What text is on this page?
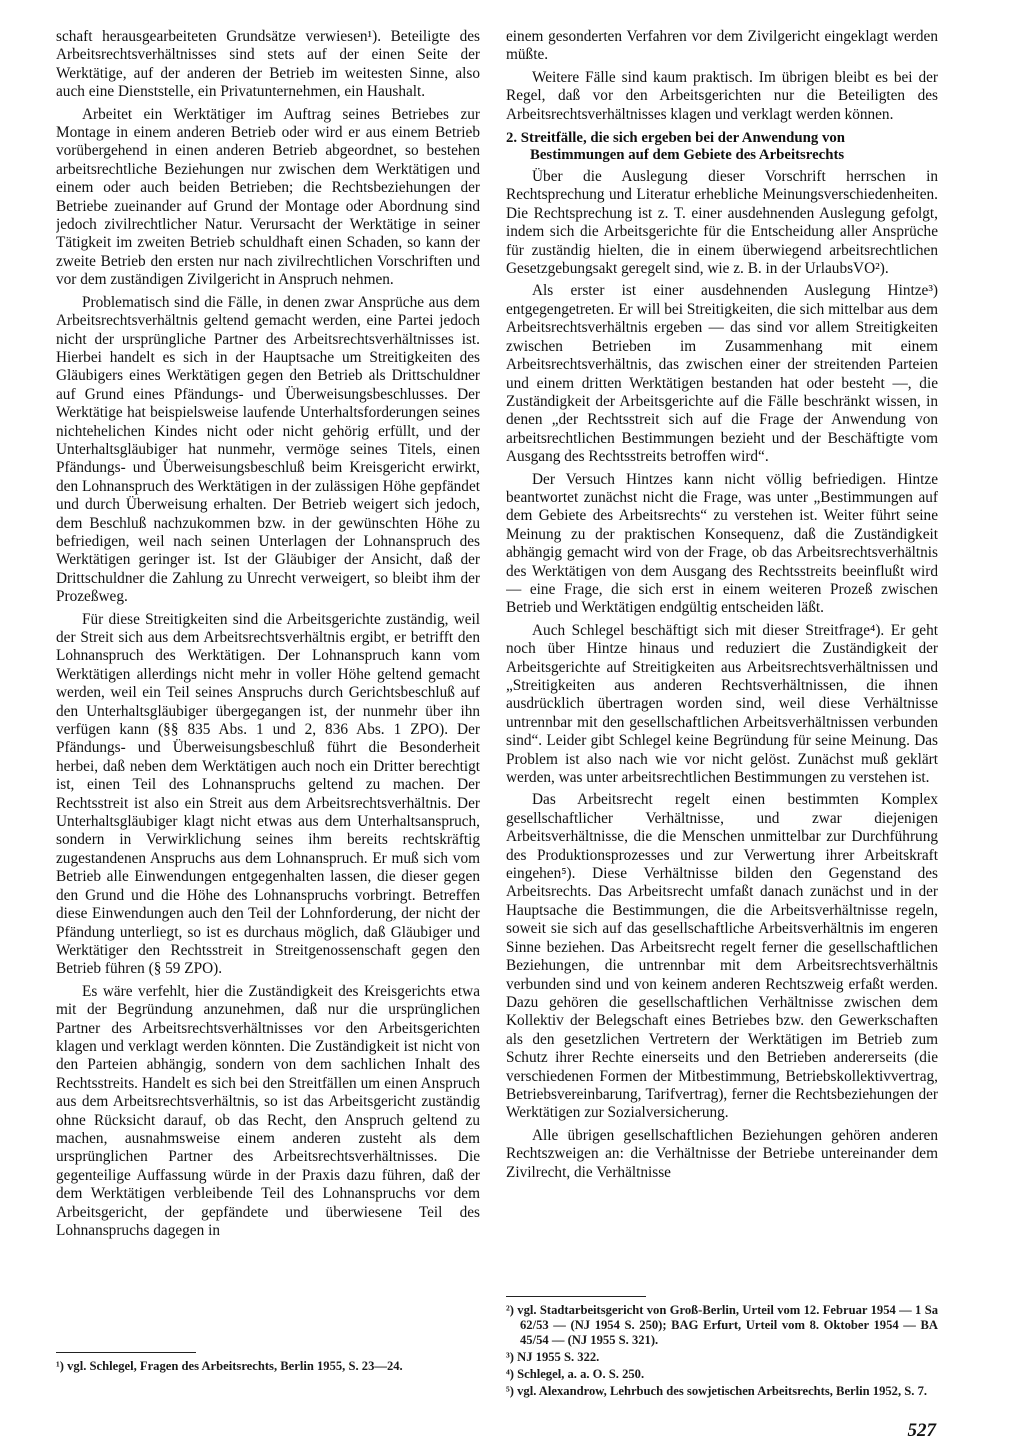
schaft herausgearbeiteten Grundsätze verwiesen¹). Beteiligte des Arbeitsrechtsverhältnisses sind stets auf der einen Seite der Werktätige, auf der anderen der Betrieb im weitesten Sinne, also auch eine Dienststelle, ein Privatunternehmen, ein Haushalt.

Arbeitet ein Werktätiger im Auftrag seines Betriebes zur Montage in einem anderen Betrieb oder wird er aus einem Betrieb vorübergehend in einen anderen Betrieb abgeordnet, so bestehen arbeitsrechtliche Beziehungen nur zwischen dem Werktätigen und einem oder auch beiden Betrieben; die Rechtsbeziehungen der Betriebe zueinander auf Grund der Montage oder Abordnung sind jedoch zivilrechtlicher Natur. Verursacht der Werktätige in seiner Tätigkeit im zweiten Betrieb schuldhaft einen Schaden, so kann der zweite Betrieb den ersten nur nach zivilrechtlichen Vorschriften und vor dem zuständigen Zivilgericht in Anspruch nehmen.

Problematisch sind die Fälle, in denen zwar Ansprüche aus dem Arbeitsrechtsverhältnis geltend gemacht werden, eine Partei jedoch nicht der ursprüngliche Partner des Arbeitsrechtsverhältnisses ist. Hierbei handelt es sich in der Hauptsache um Streitigkeiten des Gläubigers eines Werktätigen gegen den Betrieb als Drittschuldner auf Grund eines Pfändungs- und Überweisungsbeschlusses. Der Werktätige hat beispielsweise laufende Unterhaltsforderungen seines nichtehelichen Kindes nicht oder nicht gehörig erfüllt, und der Unterhaltsgläubiger hat nunmehr, vermöge seines Titels, einen Pfändungs- und Überweisungsbeschluß beim Kreisgericht erwirkt, den Lohnanspruch des Werktätigen in der zulässigen Höhe gepfändet und durch Überweisung erhalten. Der Betrieb weigert sich jedoch, dem Beschluß nachzukommen bzw. in der gewünschten Höhe zu befriedigen, weil nach seinen Unterlagen der Lohnanspruch des Werktätigen geringer ist. Ist der Gläubiger der Ansicht, daß der Drittschuldner die Zahlung zu Unrecht verweigert, so bleibt ihm der Prozeßweg.

Für diese Streitigkeiten sind die Arbeitsgerichte zuständig, weil der Streit sich aus dem Arbeitsrechtsverhältnis ergibt, er betrifft den Lohnanspruch des Werktätigen. Der Lohnanspruch kann vom Werktätigen allerdings nicht mehr in voller Höhe geltend gemacht werden, weil ein Teil seines Anspruchs durch Gerichtsbeschluß auf den Unterhaltsgläubiger übergegangen ist, der nunmehr über ihn verfügen kann (§§ 835 Abs. 1 und 2, 836 Abs. 1 ZPO). Der Pfändungs- und Überweisungsbeschluß führt die Besonderheit herbei, daß neben dem Werktätigen auch noch ein Dritter berechtigt ist, einen Teil des Lohnanspruchs geltend zu machen. Der Rechtsstreit ist also ein Streit aus dem Arbeitsrechtsverhältnis. Der Unterhaltsgläubiger klagt nicht etwas aus dem Unterhaltsanspruch, sondern in Verwirklichung seines ihm bereits rechtskräftig zugestandenen Anspruchs aus dem Lohnanspruch. Er muß sich vom Betrieb alle Einwendungen entgegenhalten lassen, die dieser gegen den Grund und die Höhe des Lohnanspruchs vorbringt. Betreffen diese Einwendungen auch den Teil der Lohnforderung, der nicht der Pfändung unterliegt, so ist es durchaus möglich, daß Gläubiger und Werktätiger den Rechtsstreit in Streitgenossenschaft gegen den Betrieb führen (§ 59 ZPO).

Es wäre verfehlt, hier die Zuständigkeit des Kreisgerichts etwa mit der Begründung anzunehmen, daß nur die ursprünglichen Partner des Arbeitsrechtsverhältnisses vor den Arbeitsgerichten klagen und verklagt werden könnten. Die Zuständigkeit ist nicht von den Parteien abhängig, sondern von dem sachlichen Inhalt des Rechtsstreits. Handelt es sich bei den Streitfällen um einen Anspruch aus dem Arbeitsrechtsverhältnis, so ist das Arbeitsgericht zuständig ohne Rücksicht darauf, ob das Recht, den Anspruch geltend zu machen, ausnahmsweise einem anderen zusteht als dem ursprünglichen Partner des Arbeitsrechtsverhältnisses. Die gegenteilige Auffassung würde in der Praxis dazu führen, daß der dem Werktätigen verbleibende Teil des Lohnanspruchs vor dem Arbeitsgericht, der gepfändete und überwiesene Teil des Lohnanspruchs dagegen in

¹) vgl. Schlegel, Fragen des Arbeitsrechts, Berlin 1955, S. 23—24.

einem gesonderten Verfahren vor dem Zivilgericht eingeklagt werden müßte.

Weitere Fälle sind kaum praktisch. Im übrigen bleibt es bei der Regel, daß vor den Arbeitsgerichten nur die Beteiligten des Arbeitsrechtsverhältnisses klagen und verklagt werden können.

2. Streitfälle, die sich ergeben bei der Anwendung von Bestimmungen auf dem Gebiete des Arbeitsrechts

Über die Auslegung dieser Vorschrift herrschen in Rechtsprechung und Literatur erhebliche Meinungsverschiedenheiten. Die Rechtsprechung ist z. T. einer ausdehnenden Auslegung gefolgt, indem sich die Arbeitsgerichte für die Entscheidung aller Ansprüche für zuständig hielten, die in einem überwiegend arbeitsrechtlichen Gesetzgebungsakt geregelt sind, wie z. B. in der UrlaubsVO²).

Als erster ist einer ausdehnenden Auslegung Hintze³) entgegengetreten. Er will bei Streitigkeiten, die sich mittelbar aus dem Arbeitsrechtsverhältnis ergeben — das sind vor allem Streitigkeiten zwischen Betrieben im Zusammenhang mit einem Arbeitsrechtsverhältnis, das zwischen einer der streitenden Parteien und einem dritten Werktätigen bestanden hat oder besteht —, die Zuständigkeit der Arbeitsgerichte auf die Fälle beschränkt wissen, in denen „der Rechtsstreit sich auf die Frage der Anwendung von arbeitsrechtlichen Bestimmungen bezieht und der Beschäftigte vom Ausgang des Rechtsstreits betroffen wird“.

Der Versuch Hintzes kann nicht völlig befriedigen. Hintze beantwortet zunächst nicht die Frage, was unter „Bestimmungen auf dem Gebiete des Arbeitsrechts“ zu verstehen ist. Weiter führt seine Meinung zu der praktischen Konsequenz, daß die Zuständigkeit abhängig gemacht wird von der Frage, ob das Arbeitsrechtsverhältnis des Werktätigen von dem Ausgang des Rechtsstreits beeinflußt wird — eine Frage, die sich erst in einem weiteren Prozeß zwischen Betrieb und Werktätigen endgültig entscheiden läßt.

Auch Schlegel beschäftigt sich mit dieser Streitfrage⁴). Er geht noch über Hintze hinaus und reduziert die Zuständigkeit der Arbeitsgerichte auf Streitigkeiten aus Arbeitsrechtsverhältnissen und „Streitigkeiten aus anderen Rechtsverhältnissen, die ihnen ausdrücklich übertragen worden sind, weil diese Verhältnisse untrennbar mit den gesellschaftlichen Arbeitsverhältnissen verbunden sind“. Leider gibt Schlegel keine Begründung für seine Meinung. Das Problem ist also nach wie vor nicht gelöst. Zunächst muß geklärt werden, was unter arbeitsrechtlichen Bestimmungen zu verstehen ist.

Das Arbeitsrecht regelt einen bestimmten Komplex gesellschaftlicher Verhältnisse, und zwar diejenigen Arbeitsverhältnisse, die die Menschen unmittelbar zur Durchführung des Produktionsprozesses und zur Verwertung ihrer Arbeitskraft eingehen⁵). Diese Verhältnisse bilden den Gegenstand des Arbeitsrechts. Das Arbeitsrecht umfaßt danach zunächst und in der Hauptsache die Bestimmungen, die die Arbeitsverhältnisse regeln, soweit sie sich auf das gesellschaftliche Arbeitsverhältnis im engeren Sinne beziehen. Das Arbeitsrecht regelt ferner die gesellschaftlichen Beziehungen, die untrennbar mit dem Arbeitsrechtsverhältnis verbunden sind und von keinem anderen Rechtszweig erfaßt werden. Dazu gehören die gesellschaftlichen Verhältnisse zwischen dem Kollektiv der Belegschaft eines Betriebes bzw. den Gewerkschaften als den gesetzlichen Vertretern der Werktätigen im Betrieb zum Schutz ihrer Rechte einerseits und den Betrieben andererseits (die verschiedenen Formen der Mitbestimmung, Betriebskollektivvertrag, Betriebsvereinbarung, Tarifvertrag), ferner die Rechtsbeziehungen der Werktätigen zur Sozialversicherung.

Alle übrigen gesellschaftlichen Beziehungen gehören anderen Rechtszweigen an: die Verhältnisse der Betriebe untereinander dem Zivilrecht, die Verhältnisse

²) vgl. Stadtarbeitsgericht von Groß-Berlin, Urteil vom 12. Februar 1954 — 1 Sa 62/53 — (NJ 1954 S. 250); BAG Erfurt, Urteil vom 8. Oktober 1954 — BA 45/54 — (NJ 1955 S. 321).

³) NJ 1955 S. 322.

⁴) Schlegel, a. a. O. S. 250.

⁵) vgl. Alexandrow, Lehrbuch des sowjetischen Arbeitsrechts, Berlin 1952, S. 7.

527
